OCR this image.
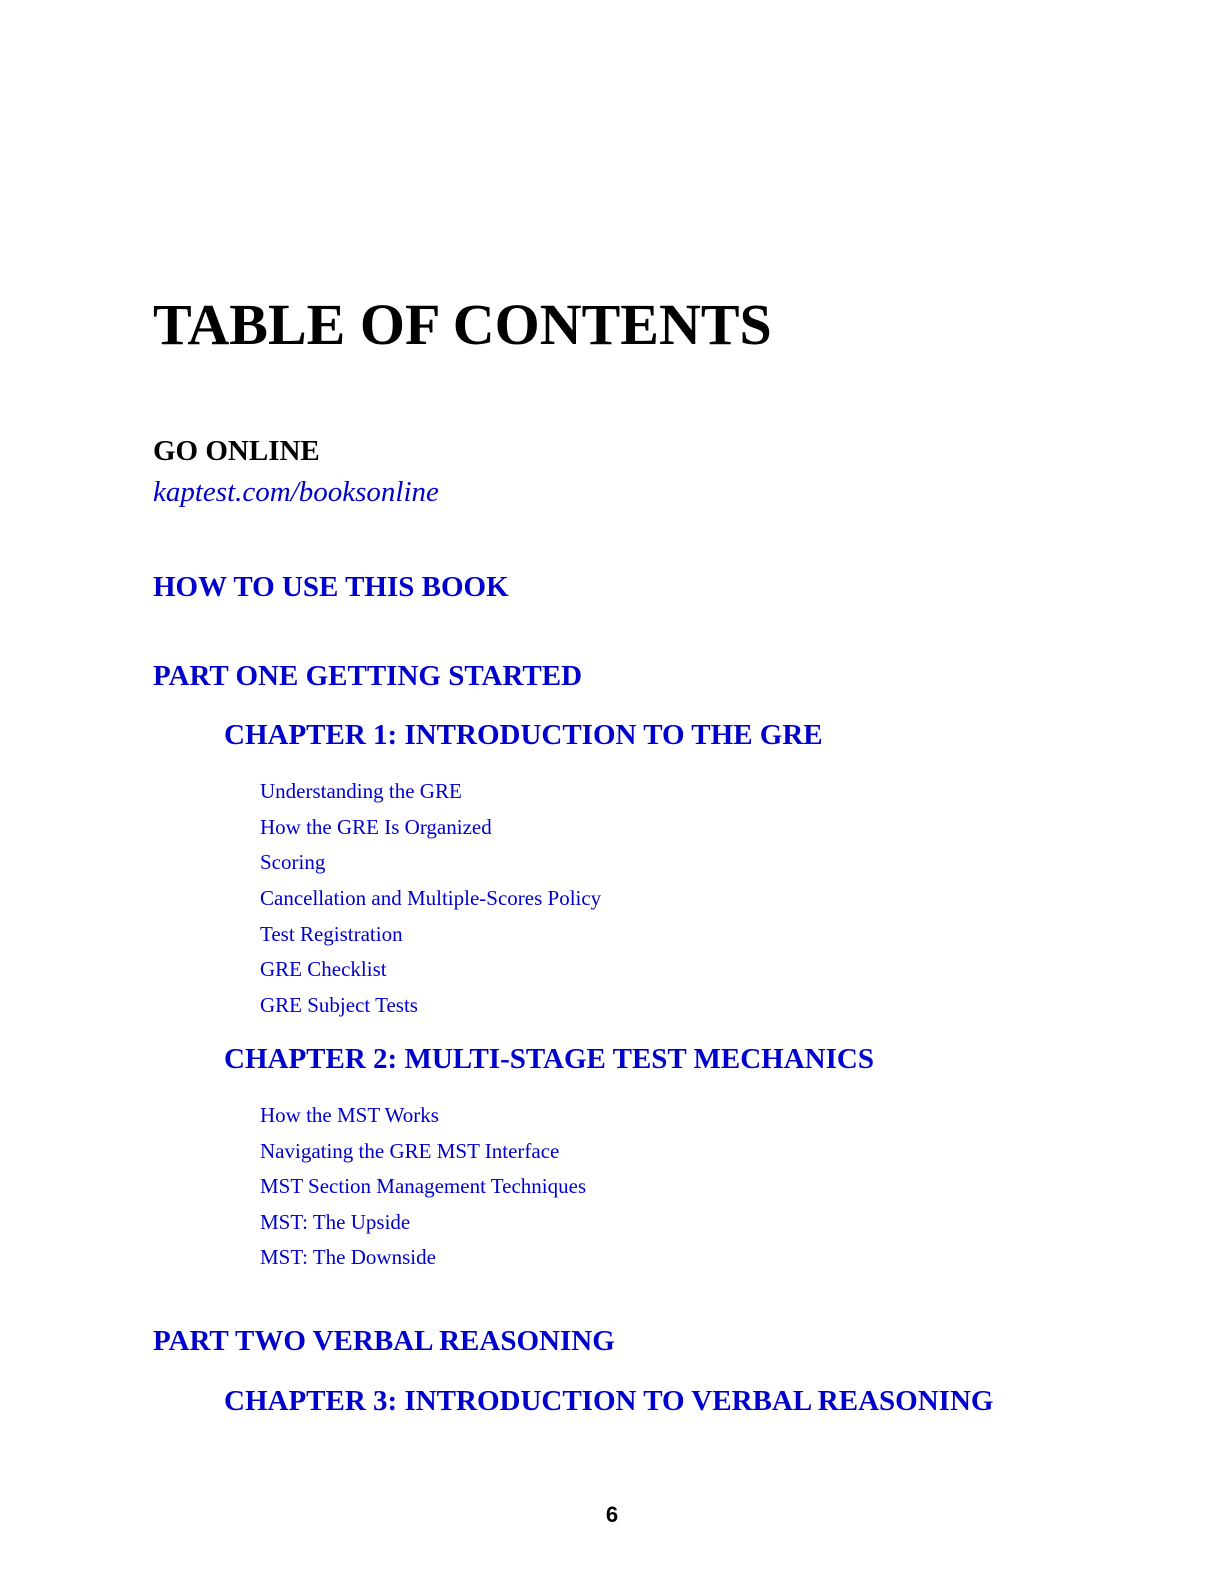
TABLE OF CONTENTS
GO ONLINE
kaptest.com/booksonline
HOW TO USE THIS BOOK
PART ONE GETTING STARTED
CHAPTER 1: INTRODUCTION TO THE GRE
Understanding the GRE
How the GRE Is Organized
Scoring
Cancellation and Multiple-Scores Policy
Test Registration
GRE Checklist
GRE Subject Tests
CHAPTER 2: MULTI-STAGE TEST MECHANICS
How the MST Works
Navigating the GRE MST Interface
MST Section Management Techniques
MST: The Upside
MST: The Downside
PART TWO VERBAL REASONING
CHAPTER 3: INTRODUCTION TO VERBAL REASONING
6
